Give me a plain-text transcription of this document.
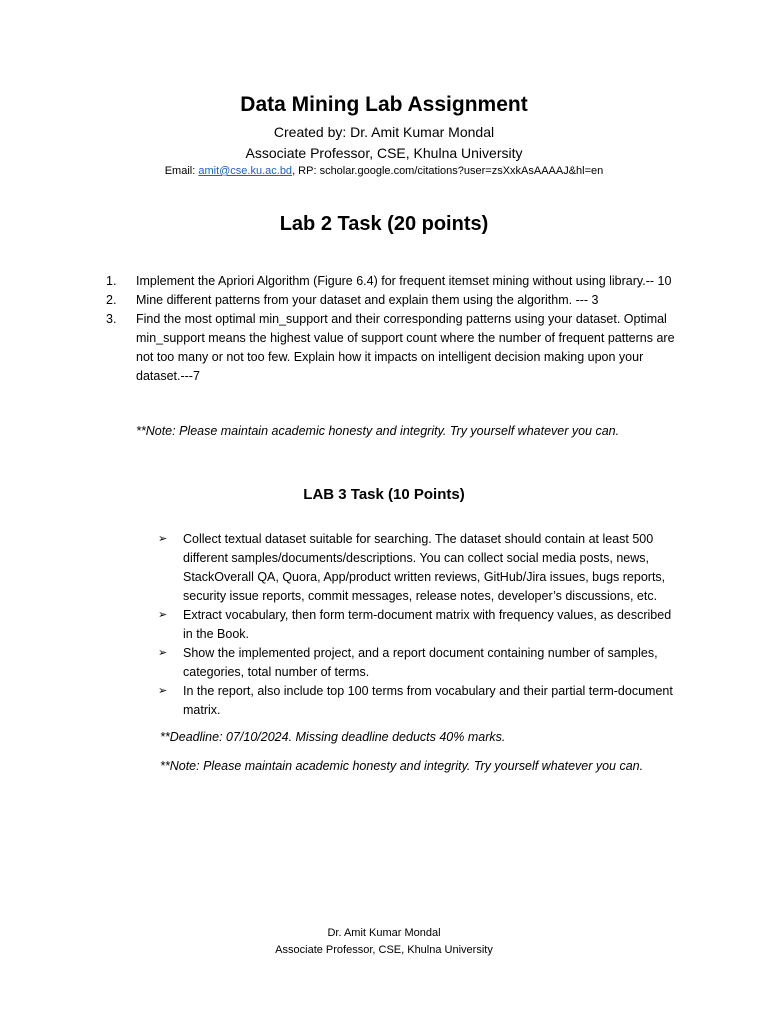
Data Mining Lab Assignment
Created by: Dr. Amit Kumar Mondal
Associate Professor, CSE, Khulna University
Email: amit@cse.ku.ac.bd, RP: scholar.google.com/citations?user=zsXxkAsAAAAJ&hl=en
Lab 2 Task (20 points)
1.	Implement the Apriori Algorithm (Figure 6.4) for frequent itemset mining without using library.-- 10
2.	Mine different patterns from your dataset and explain them using the algorithm. --- 3
3.	Find the most optimal min_support and their corresponding patterns using your dataset. Optimal min_support means the highest value of support count where the number of frequent patterns are not too many or not too few. Explain how it impacts on intelligent decision making upon your dataset.---7
**Note: Please maintain academic honesty and integrity. Try yourself whatever you can.
LAB 3 Task (10 Points)
➢	Collect textual dataset suitable for searching. The dataset should contain at least 500 different samples/documents/descriptions. You can collect social media posts, news, StackOverall QA, Quora, App/product written reviews, GitHub/Jira issues, bugs reports, security issue reports, commit messages, release notes, developer’s discussions, etc.
➢	Extract vocabulary, then form term-document matrix with frequency values, as described in the Book.
➢	Show the implemented project, and a report document containing number of samples, categories, total number of terms.
➢	In the report, also include top 100 terms from vocabulary and their partial term-document matrix.
**Deadline: 07/10/2024. Missing deadline deducts 40% marks.
**Note: Please maintain academic honesty and integrity. Try yourself whatever you can.
Dr. Amit Kumar Mondal
Associate Professor, CSE, Khulna University
